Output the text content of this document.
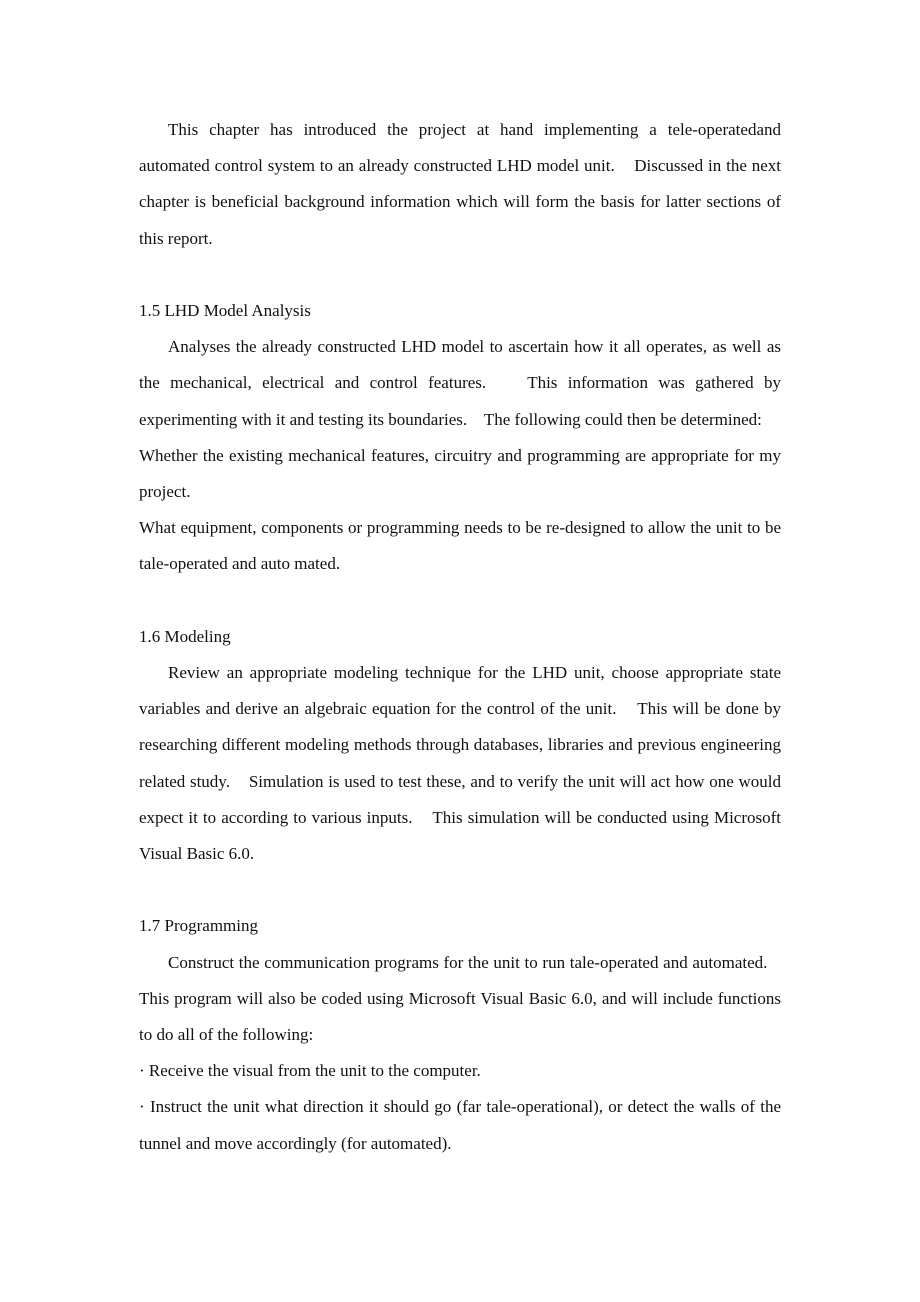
This chapter has introduced the project at hand implementing a tele-operatedand automated control system to an already constructed LHD model unit.    Discussed in the next chapter is beneficial background information which will form the basis for latter sections of this report.

1.5 LHD Model Analysis

Analyses the already constructed LHD model to ascertain how it all operates, as well as the mechanical, electrical and control features.    This information was gathered by experimenting with it and testing its boundaries.    The following could then be determined:

Whether the existing mechanical features, circuitry and programming are appropriate for my project.

What equipment, components or programming needs to be re-designed to allow the unit to be tale-operated and auto mated.

1.6 Modeling

Review an appropriate modeling technique for the LHD unit, choose appropriate state variables and derive an algebraic equation for the control of the unit.    This will be done by researching different modeling methods through databases, libraries and previous engineering related study.    Simulation is used to test these, and to verify the unit will act how one would expect it to according to various inputs.    This simulation will be conducted using Microsoft Visual Basic 6.0.

1.7 Programming

Construct the communication programs for the unit to run tale-operated and automated.    This program will also be coded using Microsoft Visual Basic 6.0, and will include functions to do all of the following:

· Receive the visual from the unit to the computer.

· Instruct the unit what direction it should go (far tale-operational), or detect the walls of the tunnel and move accordingly (for automated).
